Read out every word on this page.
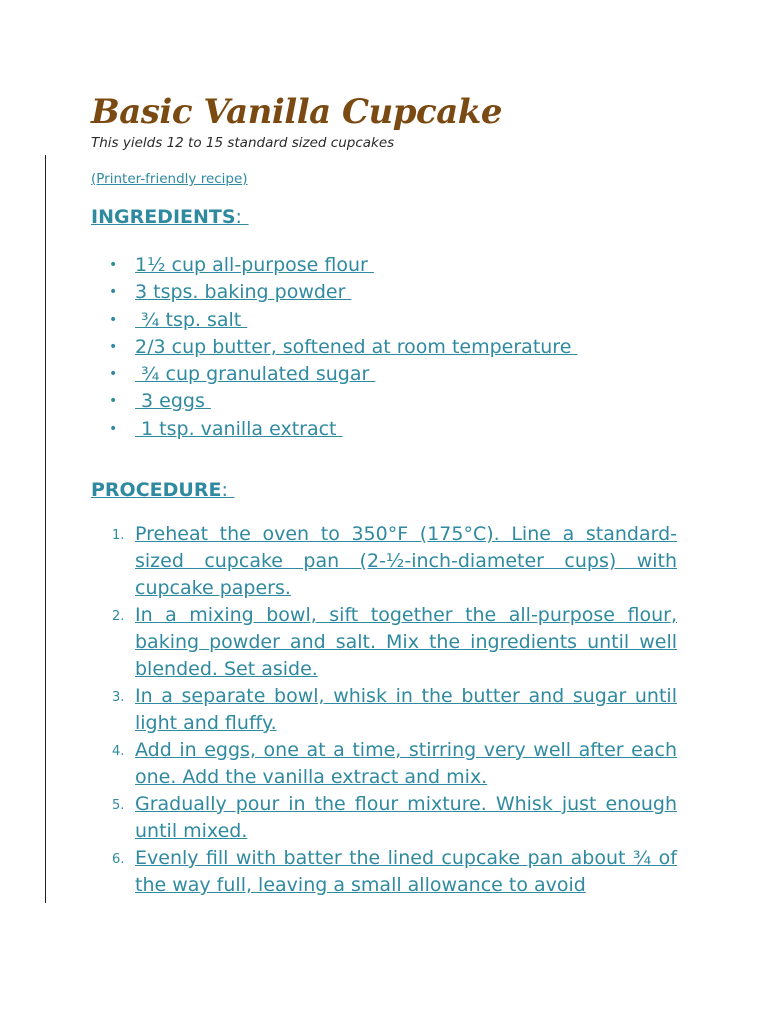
Basic Vanilla Cupcake
This yields 12 to 15 standard sized cupcakes
(Printer-friendly recipe)
INGREDIENTS:
• 1½ cup all-purpose flour
• 3 tsps. baking powder
• ¾ tsp. salt
• 2/3 cup butter, softened at room temperature
• ¾ cup granulated sugar
• 3 eggs
• 1 tsp. vanilla extract
PROCEDURE:
1. Preheat the oven to 350°F (175°C). Line a standard-sized cupcake pan (2-½-inch-diameter cups) with cupcake papers.
2. In a mixing bowl, sift together the all-purpose flour, baking powder and salt. Mix the ingredients until well blended. Set aside.
3. In a separate bowl, whisk in the butter and sugar until light and fluffy.
4. Add in eggs, one at a time, stirring very well after each one. Add the vanilla extract and mix.
5. Gradually pour in the flour mixture. Whisk just enough until mixed.
6. Evenly fill with batter the lined cupcake pan about ¾ of the way full, leaving a small allowance to avoid
